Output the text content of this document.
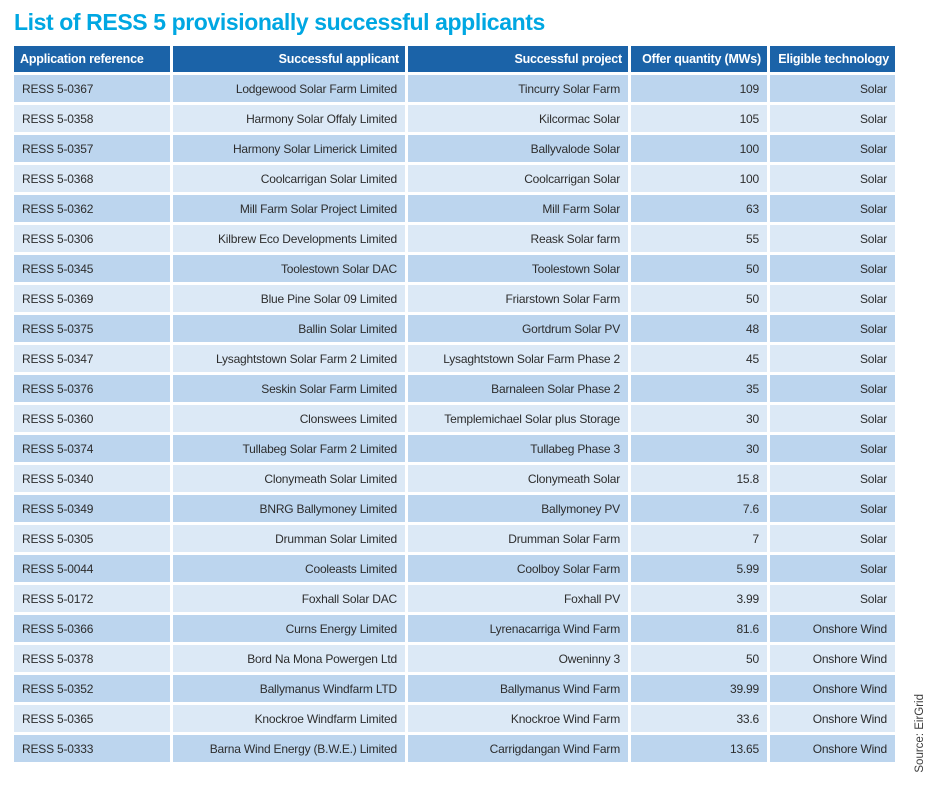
List of RESS 5 provisionally successful applicants
Application reference	Successful applicant	Successful project	Offer quantity (MWs)	Eligible technology
RESS 5-0367	Lodgewood Solar Farm Limited	Tincurry Solar Farm	109	Solar
RESS 5-0358	Harmony Solar Offaly Limited	Kilcormac Solar	105	Solar
RESS 5-0357	Harmony Solar Limerick Limited	Ballyvalode Solar	100	Solar
RESS 5-0368	Coolcarrigan Solar Limited	Coolcarrigan Solar	100	Solar
RESS 5-0362	Mill Farm Solar Project Limited	Mill Farm Solar	63	Solar
RESS 5-0306	Kilbrew Eco Developments Limited	Reask Solar farm	55	Solar
RESS 5-0345	Toolestown Solar DAC	Toolestown Solar	50	Solar
RESS 5-0369	Blue Pine Solar 09 Limited	Friarstown Solar Farm	50	Solar
RESS 5-0375	Ballin Solar Limited	Gortdrum Solar PV	48	Solar
RESS 5-0347	Lysaghtstown Solar Farm 2 Limited	Lysaghtstown Solar Farm Phase 2	45	Solar
RESS 5-0376	Seskin Solar Farm Limited	Barnaleen Solar Phase 2	35	Solar
RESS 5-0360	Clonswees Limited	Templemichael Solar plus Storage	30	Solar
RESS 5-0374	Tullabeg Solar Farm 2 Limited	Tullabeg Phase 3	30	Solar
RESS 5-0340	Clonymeath Solar Limited	Clonymeath Solar	15.8	Solar
RESS 5-0349	BNRG Ballymoney Limited	Ballymoney PV	7.6	Solar
RESS 5-0305	Drumman Solar Limited	Drumman Solar Farm	7	Solar
RESS 5-0044	Cooleasts Limited	Coolboy Solar Farm	5.99	Solar
RESS 5-0172	Foxhall Solar DAC	Foxhall PV	3.99	Solar
RESS 5-0366	Curns Energy Limited	Lyrenacarriga Wind Farm	81.6	Onshore Wind
RESS 5-0378	Bord Na Mona Powergen Ltd	Oweninny 3	50	Onshore Wind
RESS 5-0352	Ballymanus Windfarm LTD	Ballymanus Wind Farm	39.99	Onshore Wind
RESS 5-0365	Knockroe Windfarm Limited	Knockroe Wind Farm	33.6	Onshore Wind
RESS 5-0333	Barna Wind Energy (B.W.E.) Limited	Carrigdangan Wind Farm	13.65	Onshore Wind Source: EirGrid
